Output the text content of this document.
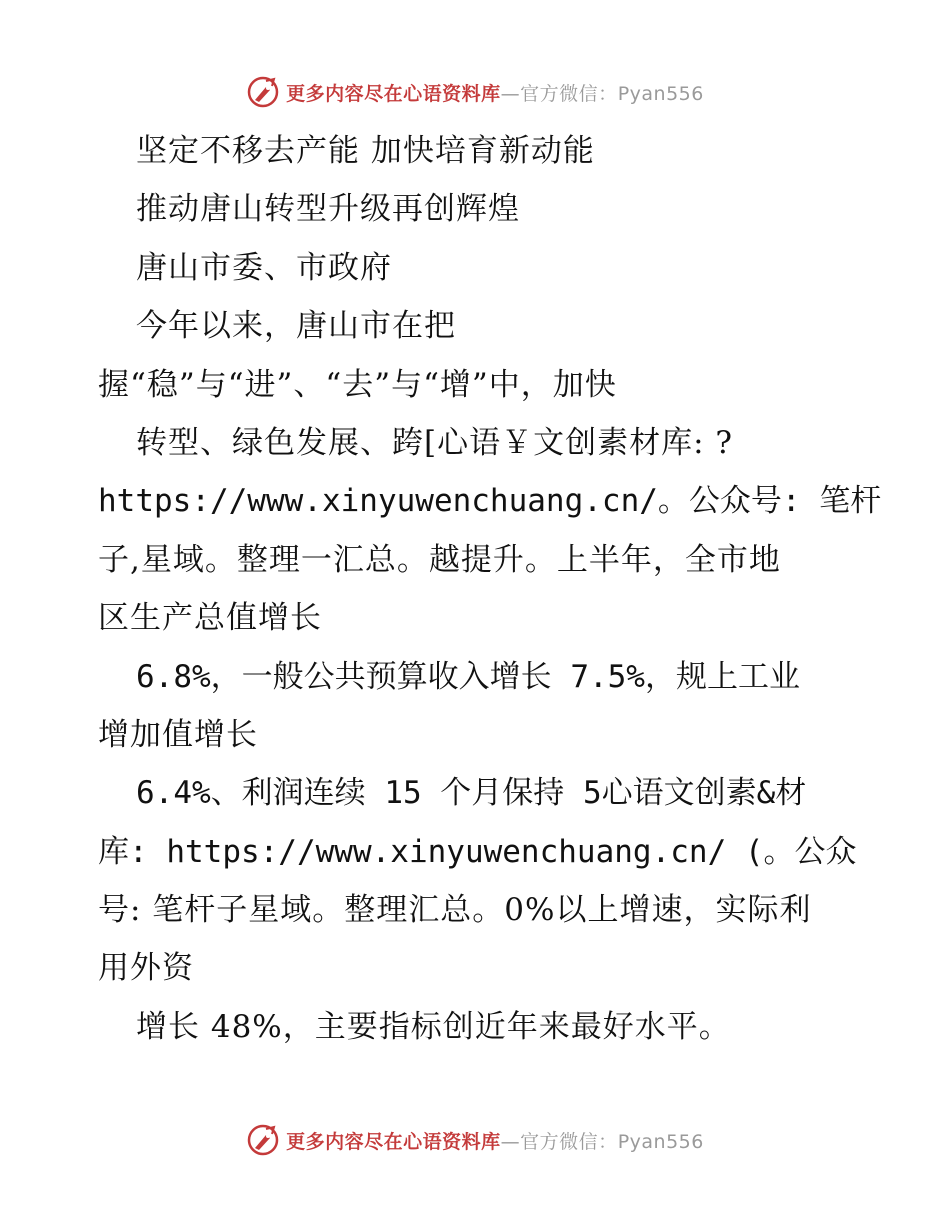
更多内容尽在心语资料库—官方微信：Pyan556
坚定不移去产能 加快培育新动能
推动唐山转型升级再创辉煌
唐山市委、市政府
今年以来，唐山市在把
握“稳”与“进”、“去”与“增”中，加快
转型、绿色发展、跨[心语￥文创素材库: ?
https://www.xinyuwenchuang.cn/。公众号: 笔杆
子,星域。整理一汇总。越提升。上半年，全市地
区生产总值增长
6.8%，一般公共预算收入增长 7.5%，规上工业
增加值增长
6.4%、利润连续 15 个月保持 5心语文创素&材
库: https://www.xinyuwenchuang.cn/ (。公众
号: 笔杆子星域。整理汇总。0%以上增速，实际利
用外资
增长 48%，主要指标创近年来最好水平。
更多内容尽在心语资料库—官方微信：Pyan556
